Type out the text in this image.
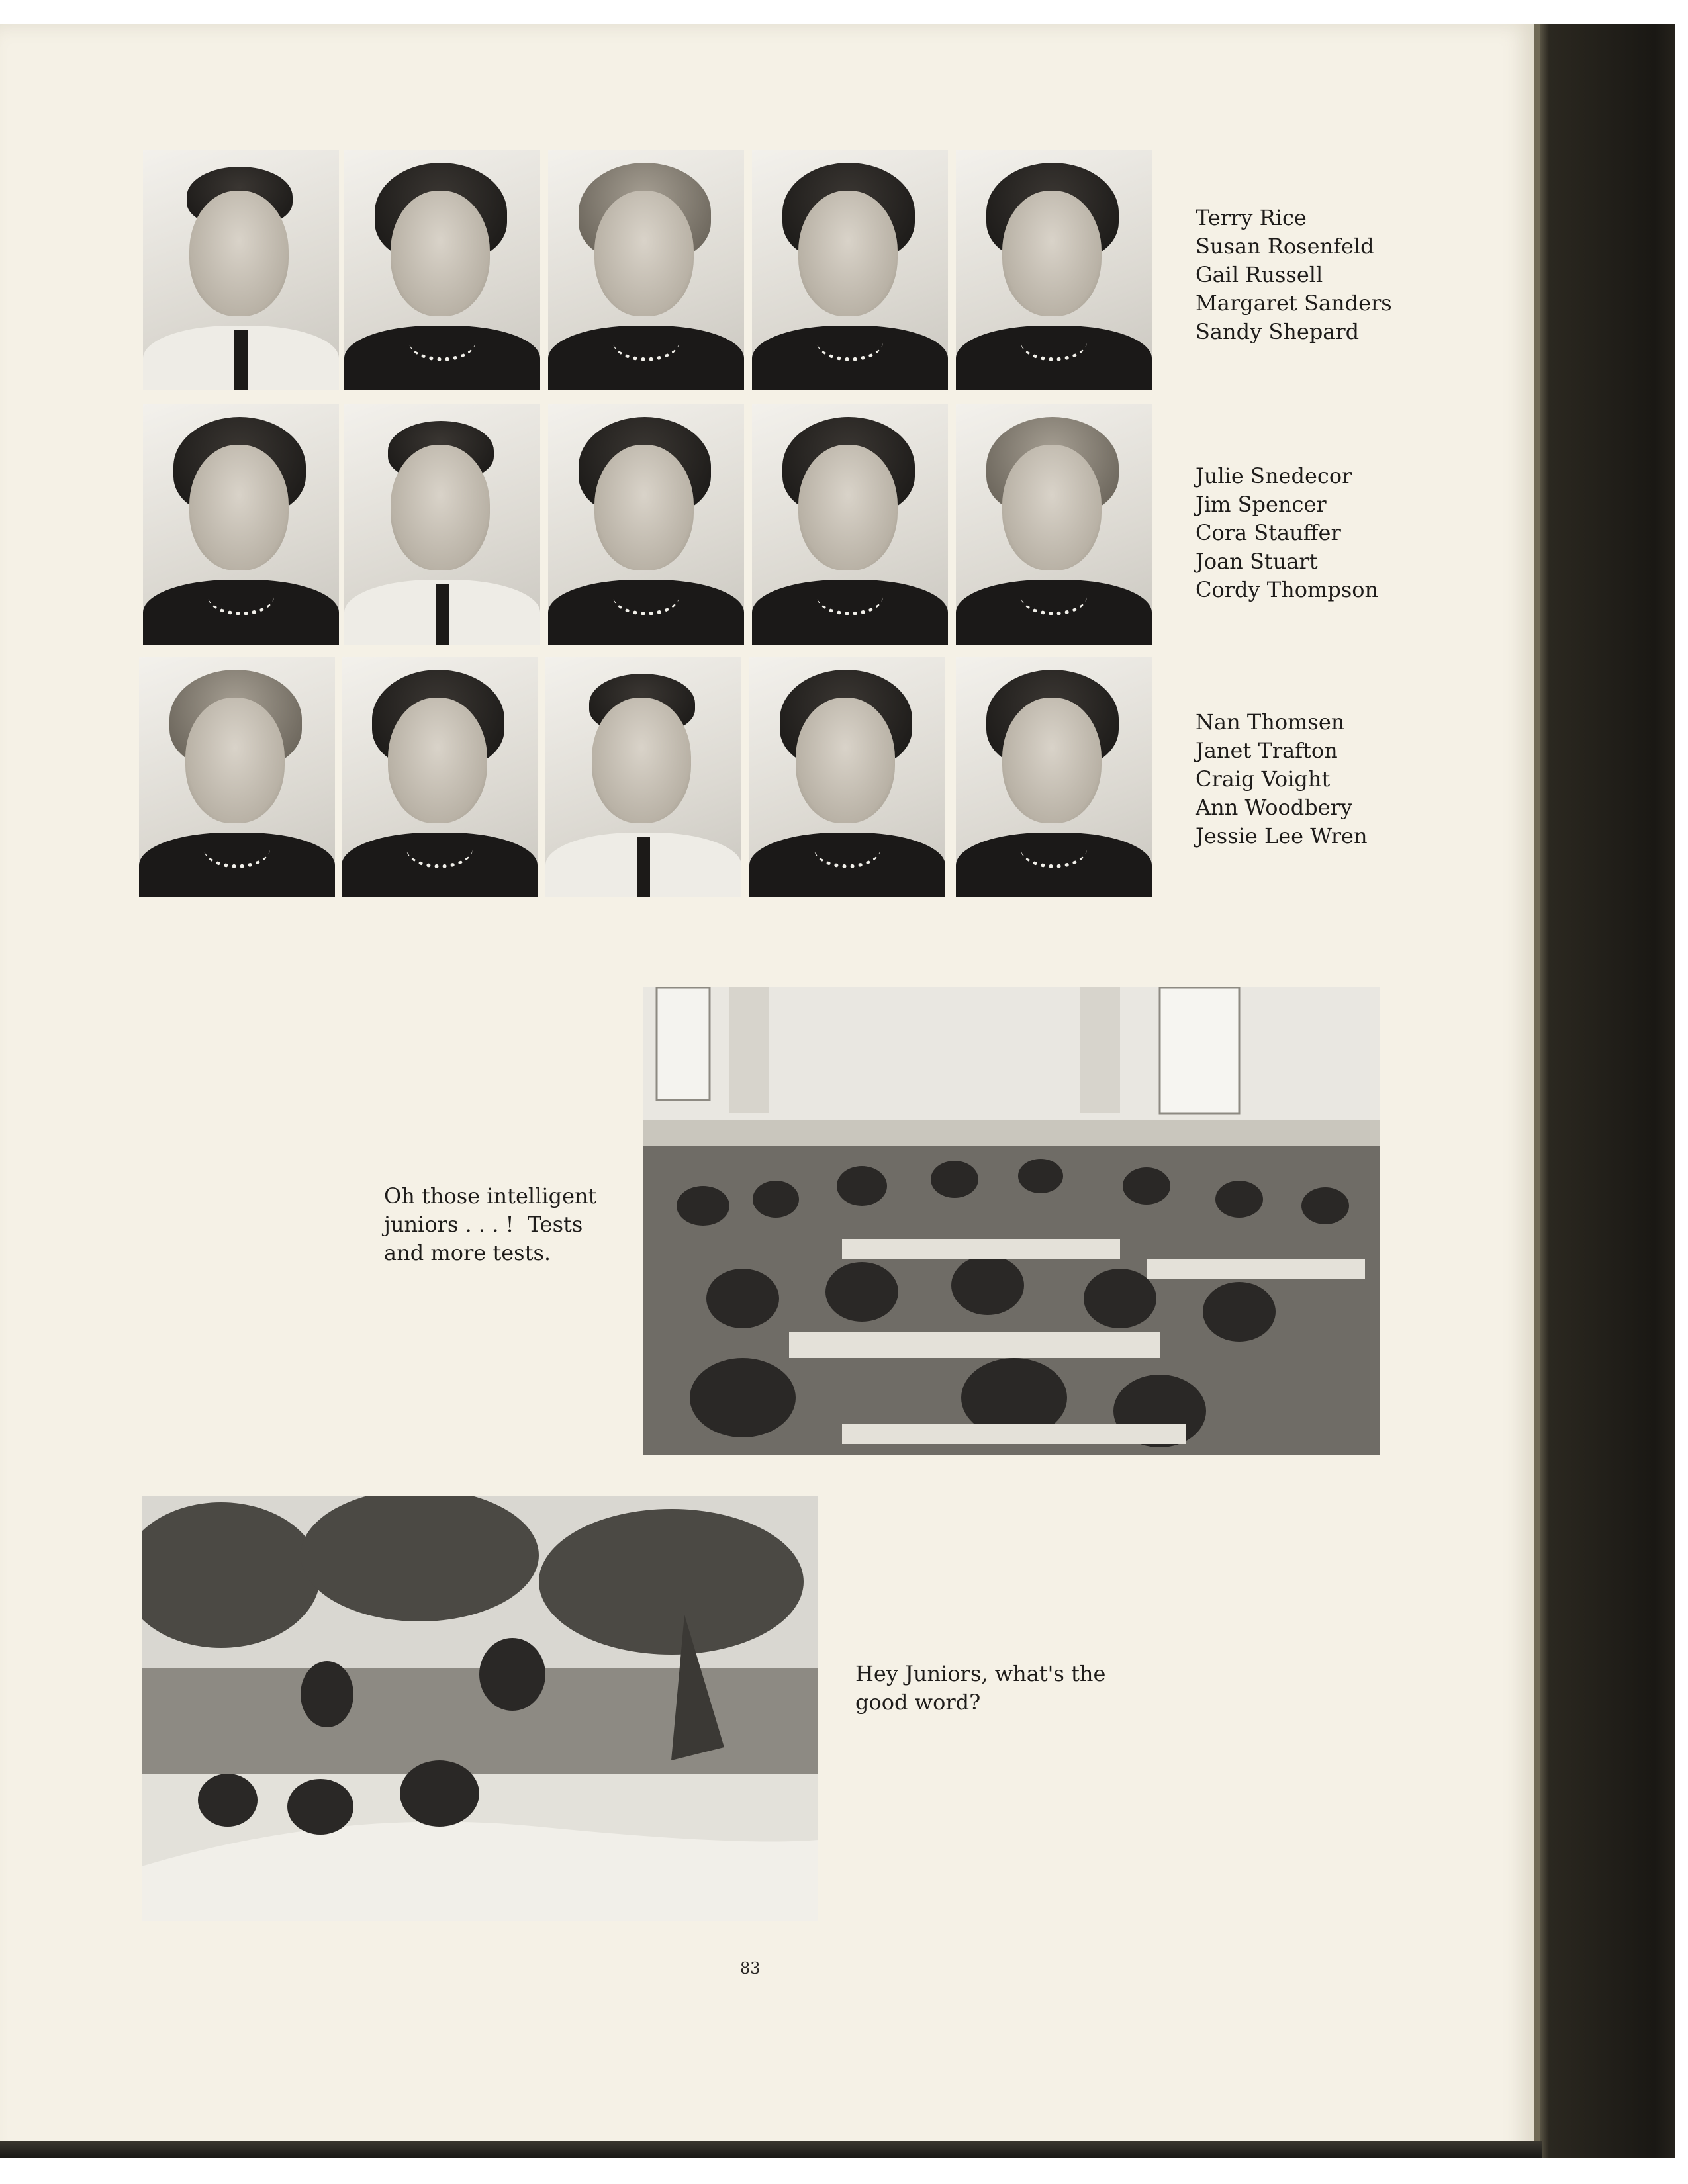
Terry Rice
Susan Rosenfeld
Gail Russell
Margaret Sanders
Sandy Shepard
Julie Snedecor
Jim Spencer
Cora Stauffer
Joan Stuart
Cordy Thompson
Nan Thomsen
Janet Trafton
Craig Voight
Ann Woodbery
Jessie Lee Wren
Oh those intelligent
juniors . . . !  Tests
and more tests.
Hey Juniors, what's the
good word?
83
